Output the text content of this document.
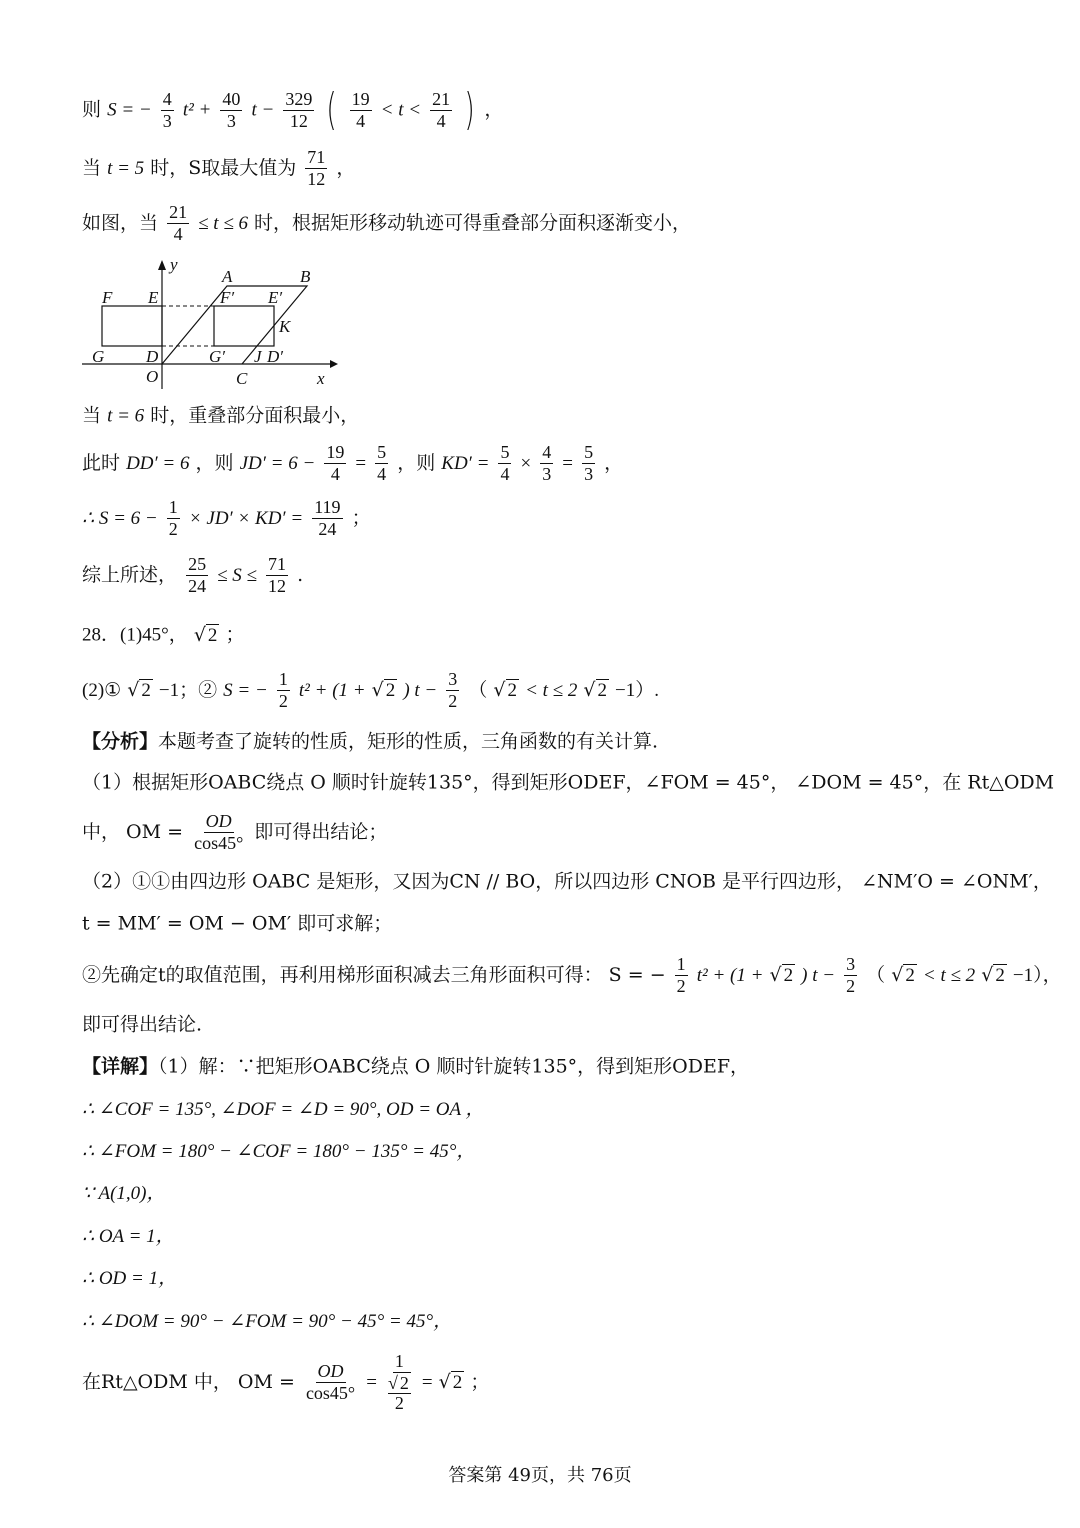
则 S = − $\frac{4}{3} t^2 + \frac{40}{3}$ $t - \frac{329}{12}$ ( $\frac{19}{4} < t < \frac{21}{4}$ ) ，
当 t = 5 时，S取最大值为 $\frac{71}{12}$ ，
如图，当 $\frac{21}{4} \le t \le 6$ 时，根据矩形移动轨迹可得重叠部分面积逐渐变小，
y
x
O
A	B
F E	F′ E′
K
G D	G′ J D′
C
当 t = 6 时，重叠部分面积最小，
此时 DD′ = 6 ，则 $JD' = 6 - \frac{19}{4} = \frac{5}{4}$ ，则 $KD' = \frac{5}{4} \times \frac{4}{3} = \frac{5}{3}$ ，
∴ $S = 6 - \frac{1}{2} \times JD' \times KD' = \frac{119}{24}$ ；
综上所述， $\frac{25}{24} \le S \le \frac{71}{12}$ .
28．(1)45°， √ 2 ；
(2)① √ 2 −1；② S = − $\frac{1}{2} t^2 + (1$ + √ 2 ) $t - \frac{3}{2}$ （ √ 2 < t ≤ 2 √ 2 −1）.
【分析】本题考查了旋转的性质，矩形的性质，三角函数的有关计算.
（1）根据矩形OABC绕点 O 顺时针旋转135°，得到矩形ODEF，∠FOM = 45°， ∠DOM = 45°，在 Rt△ODM
中， OM = $\frac{OD}{\cos 45^\circ}$ 即可得出结论；
（2）①①由四边形 OABC 是矩形，又因为CN // BO，所以四边形 CNOB 是平行四边形， ∠NM′O = ∠ONM′，
t = MM′ = OM − OM′ 即可求解；
②先确定t的取值范围，再利用梯形面积减去三角形面积可得： S = − $\frac{1}{2} t^2 + (1$ + √ 2 ) $t - \frac{3}{2}$ （ √ 2 < t ≤ 2 √ 2 −1），
即可得出结论.
【详解】（1）解：∵把矩形OABC绕点 O 顺时针旋转135°，得到矩形ODEF，
∴ ∠COF = 135°, ∠DOF = ∠D = 90°, OD = OA ，
∴ ∠FOM = 180° − ∠COF = 180° − 135° = 45°，
∵ A(1,0)，
∴ OA = 1，
∴ OD = 1，
∴ ∠DOM = 90° − ∠FOM = 90° − 45° = 45°，
在Rt△ODM 中， OM = $\frac{OD}{\cos 45^\circ} = 1$
√ 2
2 = √ 2 ；
答案第 49页，共 76页
